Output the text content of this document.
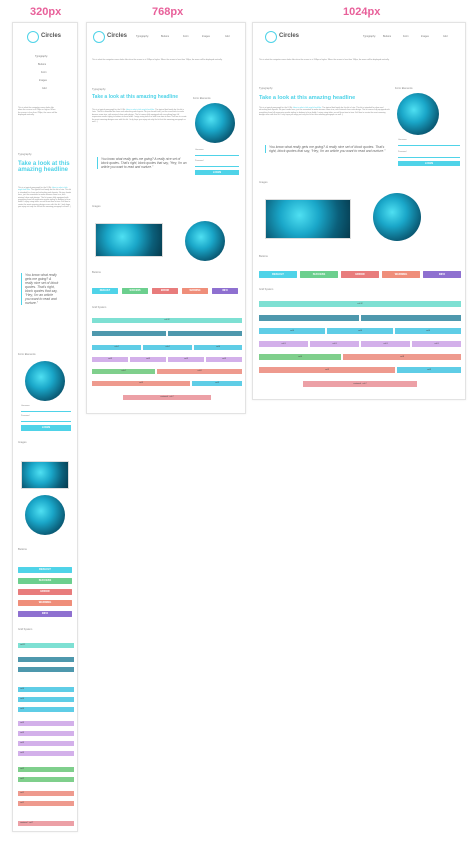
320px	768px	1024px
Circles
Typography
Buttons
Form
Images
Grid
This is what the navigation menu looks like when the screen is at 768px or higher. When the screen is less than 768px, the menu will be displayed vertically.
Typography
Take a look at this amazing headline
This is a typical paragraph for the UI Kit. Here is what a link might look like. The typical font family for this kit is Lato. This kit is intended for clean and refreshing web layouts. No jazz hands here, just the essentials to make dreams come true, with minimal clean web design. The kit comes fully equipped with everything from full responsive media styling to buttons to form fields. I enjoy using italics as well from time to time. Fell free to create the most amazing designs ever with this kit. I truly hope you enjoy not only the kit but this amazing paragraph as well. :)
You know what really gets me going? A really nice set of block quotes. That's right, block quotes that say, "Hey, I'm an article you want to read and nurture."
Form Elements
Username
Password
LOGIN
Images
Buttons
DEFAULT
SUCCESS
ERROR
WARNING
INFO
Grid System
col-12
col-4
col-4
col-4
col-3
col-3
col-3
col-3
col-2
col-2
col-1
col-1
centered · col-7
Circles	Typography	Buttons	Form	Images	Grid
This is what the navigation menu looks like when the screen is at 768px or higher. When the screen is less than 768px, the menu will be displayed vertically.
Typography
Take a look at this amazing headline
This is a typical paragraph for the UI Kit. Here is what a link might look like. The typical font family for this kit is Lato. This kit is intended for clean and refreshing web layouts. No jazz hands here, just the essentials to make dreams come true, with minimal clean web design. The kit comes fully equipped with everything from full responsive media styling to buttons to form fields. I enjoy using italics as well from time to time. Fell free to create the most amazing designs ever with this kit. I truly hope you enjoy not only the kit but this amazing paragraph as well. :)
You know what really gets me going? A really nice set of block quotes. That's right, block quotes that say, "Hey, I'm an article you want to read and nurture."
Form Elements
Username
Password
LOGIN
Images
Buttons
DEFAULT	SUCCESS	ERROR	WARNING	INFO
Grid System
col-12
col-4	col-4	col-4
col-3	col-3	col-3	col-3
col-4	col-8
col-9	col-3
centered · col-7
Circles	Typography	Buttons	Form	Images	Grid
This is what the navigation menu looks like when the screen is at 768px or higher. When the screen is less than 768px, the menu will be displayed vertically.
Typography
Take a look at this amazing headline
This is a typical paragraph for the UI Kit. Here is what a link might look like. The typical font family for this kit is Lato. This kit is intended for clean and refreshing web layouts. No jazz hands here, just the essentials to make dreams come true, with minimal clean web design. The kit comes fully equipped with everything from full responsive media styling to buttons to form fields. I enjoy using italics as well from time to time. Fell free to create the most amazing designs ever with this kit. I truly hope you enjoy not only the kit but this amazing paragraph as well. :)
You know what really gets me going? A really nice set of block quotes. That's right, block quotes that say, "Hey, I'm an article you want to read and nurture."
Form Elements
Username
Password
LOGIN
Images
Buttons
DEFAULT	SUCCESS	ERROR	WARNING	INFO
Grid System
col-12
col-4	col-4	col-4
col-3	col-3	col-3	col-3
col-4	col-8
col-9	col-3
centered · col-7
